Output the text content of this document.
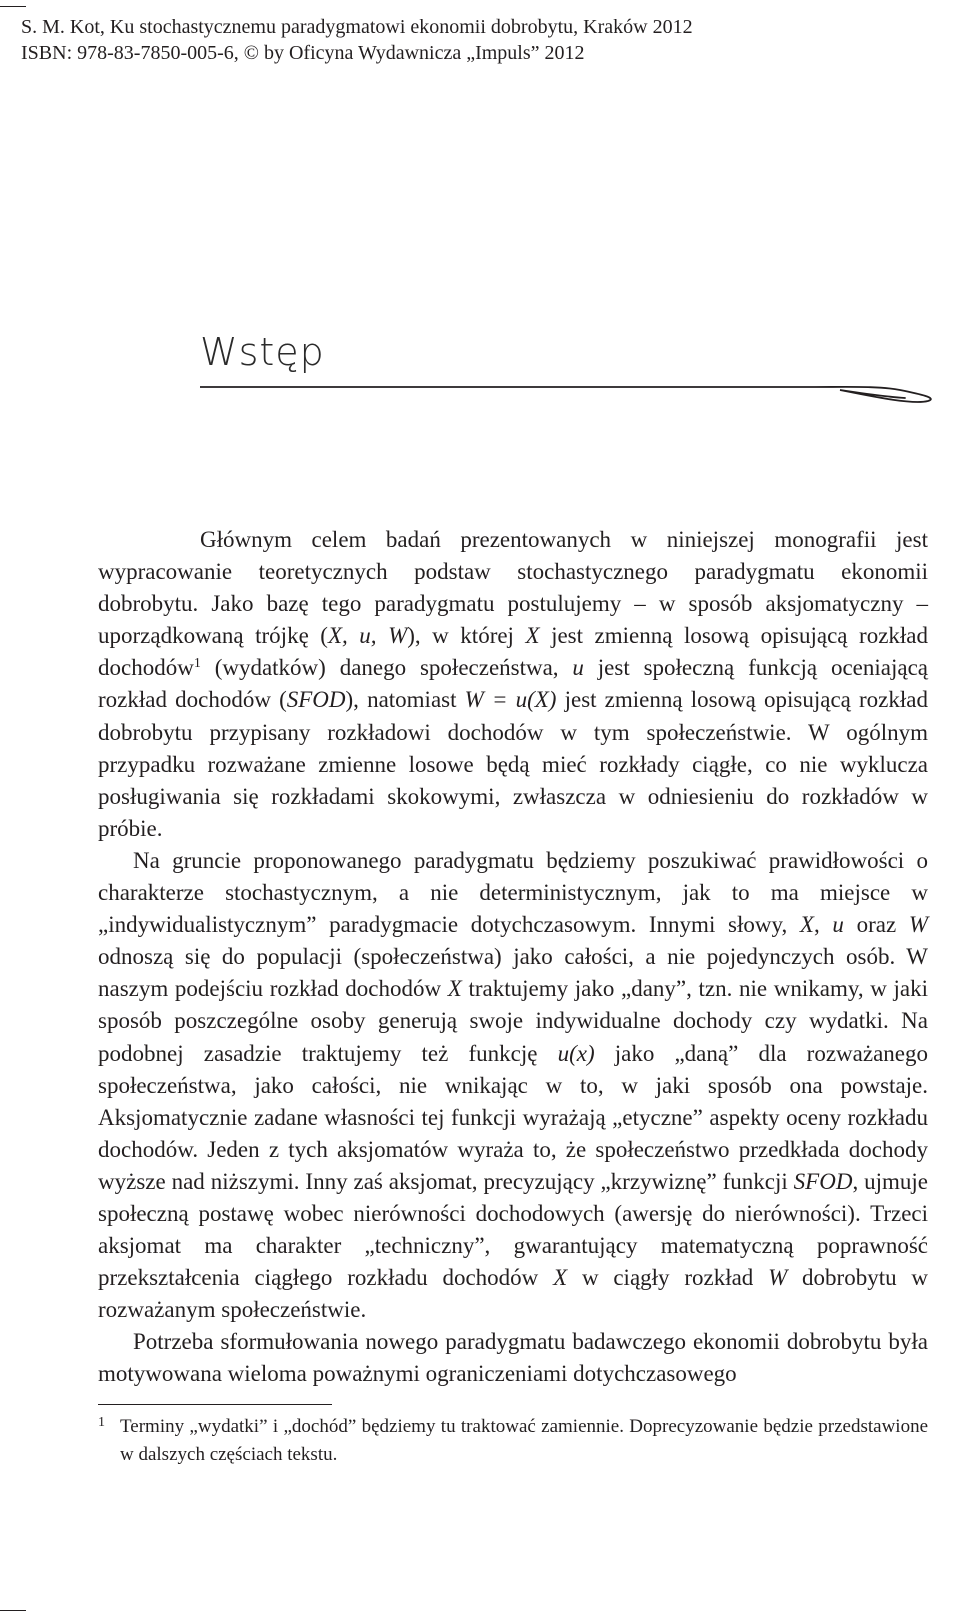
S. M. Kot, Ku stochastycznemu paradygmatowi ekonomii dobrobytu, Kraków 2012
ISBN: 978-83-7850-005-6, © by Oficyna Wydawnicza „Impuls” 2012
Wstęp

Głównym celem badań prezentowanych w niniejszej monografii jest wypracowanie teoretycznych podstaw stochastycznego paradygmatu ekonomii dobrobytu. Jako bazę tego paradygmatu postulujemy – w sposób aksjomatyczny – uporządkowaną trójkę (X, u, W), w której X jest zmienną losową opisującą rozkład dochodów$^1$ (wydatków) danego społeczeństwa, u jest społeczną funkcją oceniającą rozkład dochodów (SFOD), natomiast W = u(X) jest zmienną losową opisującą rozkład dobrobytu przypisany rozkładowi dochodów w tym społeczeństwie. W ogólnym przypadku rozważane zmienne losowe będą mieć rozkłady ciągłe, co nie wyklucza posługiwania się rozkładami skokowymi, zwłaszcza w odniesieniu do rozkładów w próbie.

Na gruncie proponowanego paradygmatu będziemy poszukiwać prawidłowości o charakterze stochastycznym, a nie deterministycznym, jak to ma miejsce w „indywidualistycznym” paradygmacie dotychczasowym. Innymi słowy, X, u oraz W odnoszą się do populacji (społeczeństwa) jako całości, a nie pojedynczych osób. W naszym podejściu rozkład dochodów X traktujemy jako „dany”, tzn. nie wnikamy, w jaki sposób poszczególne osoby generują swoje indywidualne dochody czy wydatki. Na podobnej zasadzie traktujemy też funkcję u(x) jako „daną” dla rozważanego społeczeństwa, jako całości, nie wnikając w to, w jaki sposób ona powstaje. Aksjomatycznie zadane własności tej funkcji wyrażają „etyczne” aspekty oceny rozkładu dochodów. Jeden z tych aksjomatów wyraża to, że społeczeństwo przedkłada dochody wyższe nad niższymi. Inny zaś aksjomat, precyzujący „krzywiznę” funkcji SFOD, ujmuje społeczną postawę wobec nierówności dochodowych (awersję do nierówności). Trzeci aksjomat ma charakter „techniczny”, gwarantujący matematyczną poprawność przekształcenia ciągłego rozkładu dochodów X w ciągły rozkład W dobrobytu w rozważanym społeczeństwie.

Potrzeba sformułowania nowego paradygmatu badawczego ekonomii dobrobytu była motywowana wieloma poważnymi ograniczeniami dotychczasowego

1 Terminy „wydatki” i „dochód” będziemy tu traktować zamiennie. Doprecyzowanie będzie przedstawione w dalszych częściach tekstu.
